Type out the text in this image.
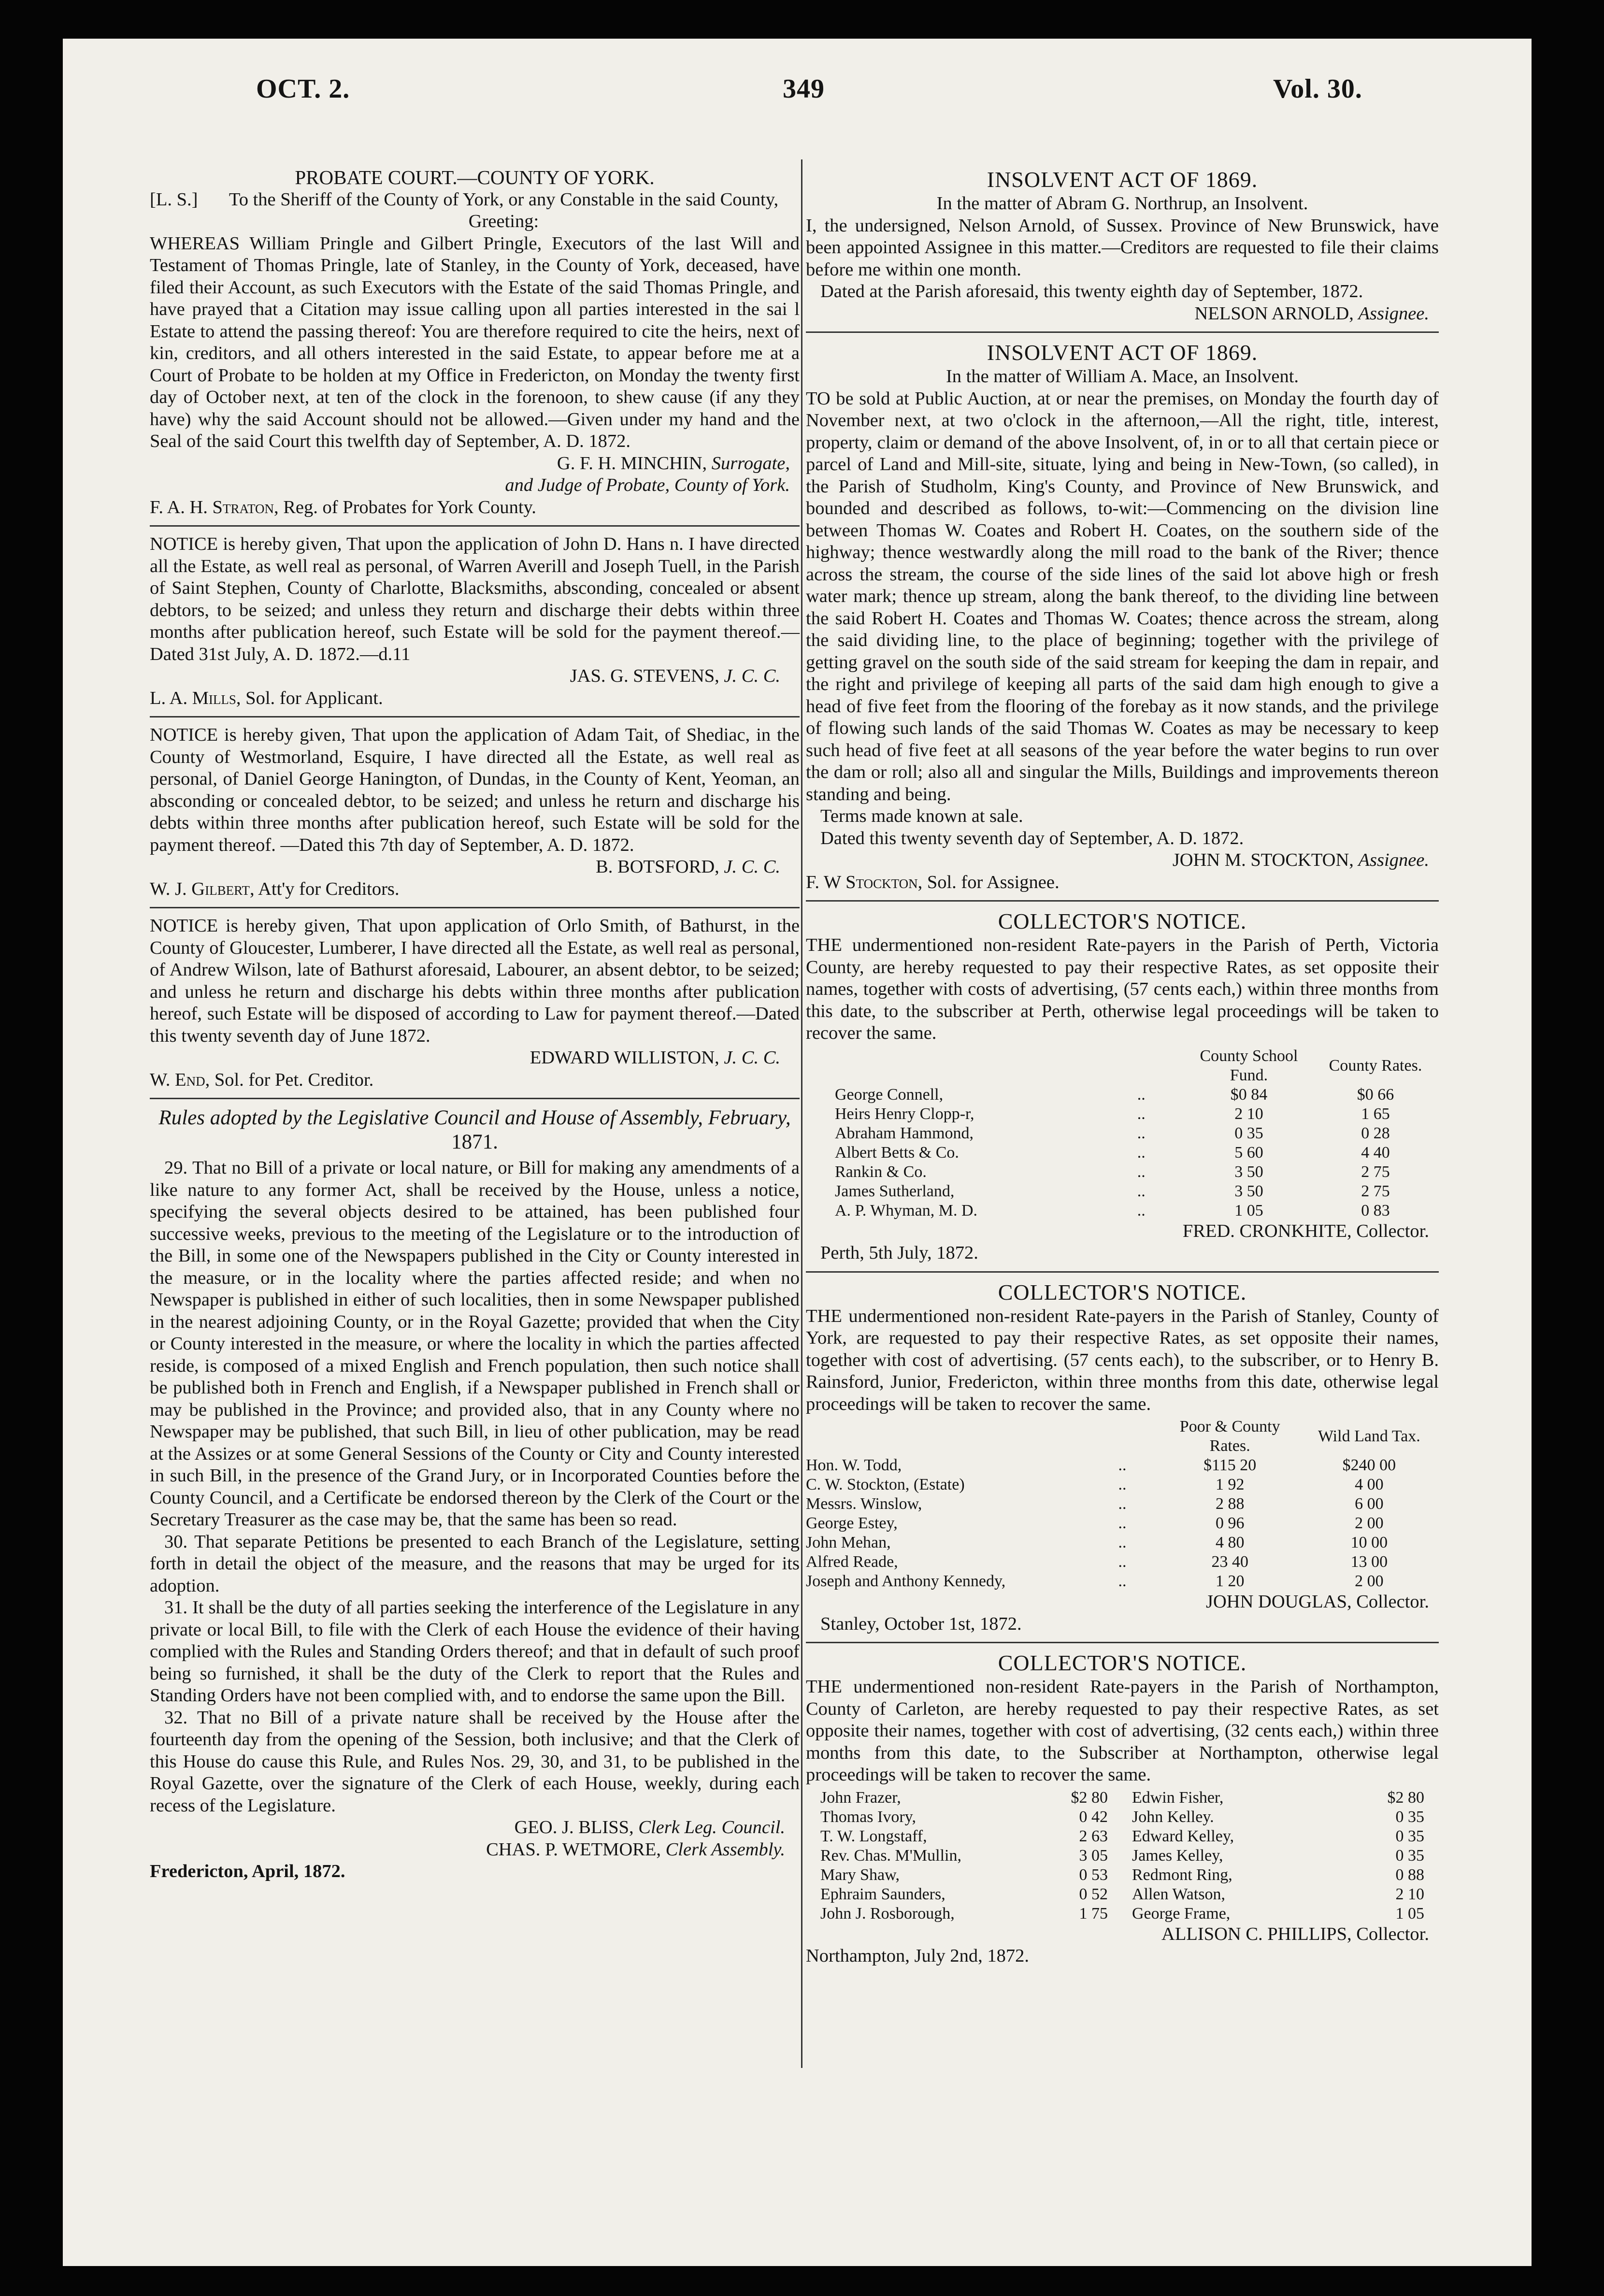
OCT. 2.	349	Vol. 30.
PROBATE COURT.—COUNTY OF YORK.
[L. S.]	To the Sheriff of the County of York, or any Constable in the said County, Greeting:
WHEREAS William Pringle and Gilbert Pringle, Executors of the last Will and Testament of Thomas Pringle, late of Stanley, in the County of York, deceased, have filed their Account, as such Executors with the Estate of the said Thomas Pringle, and have prayed that a Citation may issue calling upon all parties interested in the sai l Estate to attend the passing thereof: You are therefore required to cite the heirs, next of kin, creditors, and all others interested in the said Estate, to appear before me at a Court of Probate to be holden at my Office in Fredericton, on Monday the twenty first day of October next, at ten of the clock in the forenoon, to shew cause (if any they have) why the said Account should not be allowed.—Given under my hand and the Seal of the said Court this twelfth day of September, A. D. 1872.
G. F. H. MINCHIN, Surrogate,
and Judge of Probate, County of York.
F. A. H. Straton, Reg. of Probates for York County.
NOTICE is hereby given, That upon the application of John D. Hans n. I have directed all the Estate, as well real as personal, of Warren Averill and Joseph Tuell, in the Parish of Saint Stephen, County of Charlotte, Blacksmiths, absconding, concealed or absent debtors, to be seized; and unless they return and discharge their debts within three months after publication hereof, such Estate will be sold for the payment thereof.—Dated 31st July, A. D. 1872.—d.11
JAS. G. STEVENS, J. C. C.
L. A. Mills, Sol. for Applicant.
NOTICE is hereby given, That upon the application of Adam Tait, of Shediac, in the County of Westmorland, Esquire, I have directed all the Estate, as well real as personal, of Daniel George Hanington, of Dundas, in the County of Kent, Yeoman, an absconding or concealed debtor, to be seized; and unless he return and discharge his debts within three months after publication hereof, such Estate will be sold for the payment thereof. —Dated this 7th day of September, A. D. 1872.
B. BOTSFORD, J. C. C.
W. J. Gilbert, Att'y for Creditors.
NOTICE is hereby given, That upon application of Orlo Smith, of Bathurst, in the County of Gloucester, Lumberer, I have directed all the Estate, as well real as personal, of Andrew Wilson, late of Bathurst aforesaid, Labourer, an absent debtor, to be seized; and unless he return and discharge his debts within three months after publication hereof, such Estate will be disposed of according to Law for payment thereof.—Dated this twenty seventh day of June 1872.
EDWARD WILLISTON, J. C. C.
W. End, Sol. for Pet. Creditor.
Rules adopted by the Legislative Council and House of Assembly, February, 1871.
29. That no Bill of a private or local nature, or Bill for making any amendments of a like nature to any former Act, shall be received by the House, unless a notice, specifying the several objects desired to be attained, has been published four successive weeks, previous to the meeting of the Legislature or to the introduction of the Bill, in some one of the Newspapers published in the City or County interested in the measure, or in the locality where the parties affected reside; and when no Newspaper is published in either of such localities, then in some Newspaper published in the nearest adjoining County, or in the Royal Gazette; provided that when the City or County interested in the measure, or where the locality in which the parties affected reside, is composed of a mixed English and French population, then such notice shall be published both in French and English, if a Newspaper published in French shall or may be published in the Province; and provided also, that in any County where no Newspaper may be published, that such Bill, in lieu of other publication, may be read at the Assizes or at some General Sessions of the County or City and County interested in such Bill, in the presence of the Grand Jury, or in Incorporated Counties before the County Council, and a Certificate be endorsed thereon by the Clerk of the Court or the Secretary Treasurer as the case may be, that the same has been so read.
30. That separate Petitions be presented to each Branch of the Legislature, setting forth in detail the object of the measure, and the reasons that may be urged for its adoption.
31. It shall be the duty of all parties seeking the interference of the Legislature in any private or local Bill, to file with the Clerk of each House the evidence of their having complied with the Rules and Standing Orders thereof; and that in default of such proof being so furnished, it shall be the duty of the Clerk to report that the Rules and Standing Orders have not been complied with, and to endorse the same upon the Bill.
32. That no Bill of a private nature shall be received by the House after the fourteenth day from the opening of the Session, both inclusive; and that the Clerk of this House do cause this Rule, and Rules Nos. 29, 30, and 31, to be published in the Royal Gazette, over the signature of the Clerk of each House, weekly, during each recess of the Legislature.
GEO. J. BLISS, Clerk Leg. Council.
CHAS. P. WETMORE, Clerk Assembly.
Fredericton, April, 1872.
INSOLVENT ACT OF 1869.
In the matter of Abram G. Northrup, an Insolvent.
I, the undersigned, Nelson Arnold, of Sussex. Province of New Brunswick, have been appointed Assignee in this matter.—Creditors are requested to file their claims before me within one month.
Dated at the Parish aforesaid, this twenty eighth day of September, 1872.
NELSON ARNOLD, Assignee.
INSOLVENT ACT OF 1869.
In the matter of William A. Mace, an Insolvent.
TO be sold at Public Auction, at or near the premises, on Monday the fourth day of November next, at two o'clock in the afternoon,—All the right, title, interest, property, claim or demand of the above Insolvent, of, in or to all that certain piece or parcel of Land and Mill-site, situate, lying and being in New-Town, (so called), in the Parish of Studholm, King's County, and Province of New Brunswick, and bounded and described as follows, to-wit:—Commencing on the division line between Thomas W. Coates and Robert H. Coates, on the southern side of the highway; thence westwardly along the mill road to the bank of the River; thence across the stream, the course of the side lines of the said lot above high or fresh water mark; thence up stream, along the bank thereof, to the dividing line between the said Robert H. Coates and Thomas W. Coates; thence across the stream, along the said dividing line, to the place of beginning; together with the privilege of getting gravel on the south side of the said stream for keeping the dam in repair, and the right and privilege of keeping all parts of the said dam high enough to give a head of five feet from the flooring of the forebay as it now stands, and the privilege of flowing such lands of the said Thomas W. Coates as may be necessary to keep such head of five feet at all seasons of the year before the water begins to run over the dam or roll; also all and singular the Mills, Buildings and improvements thereon standing and being.
Terms made known at sale.
Dated this twenty seventh day of September, A. D. 1872.
JOHN M. STOCKTON, Assignee.
F. W Stockton, Sol. for Assignee.
COLLECTOR'S NOTICE.
THE undermentioned non-resident Rate-payers in the Parish of Perth, Victoria County, are hereby requested to pay their respective Rates, as set opposite their names, together with costs of advertising, (57 cents each,) within three months from this date, to the subscriber at Perth, otherwise legal proceedings will be taken to recover the same.
		County School Fund.	County Rates.
George Connell,	..	$0 84	$0 66
Heirs Henry Clopp-r,	..	2 10	1 65
Abraham Hammond,	..	0 35	0 28
Albert Betts & Co.	..	5 60	4 40
Rankin & Co.	..	3 50	2 75
James Sutherland,	..	3 50	2 75
A. P. Whyman, M. D.	..	1 05	0 83
FRED. CRONKHITE, Collector.
Perth, 5th July, 1872.
COLLECTOR'S NOTICE.
THE undermentioned non-resident Rate-payers in the Parish of Stanley, County of York, are requested to pay their respective Rates, as set opposite their names, together with cost of advertising. (57 cents each), to the subscriber, or to Henry B. Rainsford, Junior, Fredericton, within three months from this date, otherwise legal proceedings will be taken to recover the same.
		Poor & County Rates.	Wild Land Tax.
Hon. W. Todd,	..	$115 20	$240 00
C. W. Stockton, (Estate)	..	1 92	4 00
Messrs. Winslow,	..	2 88	6 00
George Estey,	..	0 96	2 00
John Mehan,	..	4 80	10 00
Alfred Reade,	..	23 40	13 00
Joseph and Anthony Kennedy,	..	1 20	2 00
JOHN DOUGLAS, Collector.
Stanley, October 1st, 1872.
COLLECTOR'S NOTICE.
THE undermentioned non-resident Rate-payers in the Parish of Northampton, County of Carleton, are hereby requested to pay their respective Rates, as set opposite their names, together with cost of advertising, (32 cents each,) within three months from this date, to the Subscriber at Northampton, otherwise legal proceedings will be taken to recover the same.
John Frazer,	$2 80	Edwin Fisher,	$2 80
Thomas Ivory,	0 42	John Kelley.	0 35
T. W. Longstaff,	2 63	Edward Kelley,	0 35
Rev. Chas. M'Mullin,	3 05	James Kelley,	0 35
Mary Shaw,	0 53	Redmont Ring,	0 88
Ephraim Saunders,	0 52	Allen Watson,	2 10
John J. Rosborough,	1 75	George Frame,	1 05
ALLISON C. PHILLIPS, Collector.
Northampton, July 2nd, 1872.
